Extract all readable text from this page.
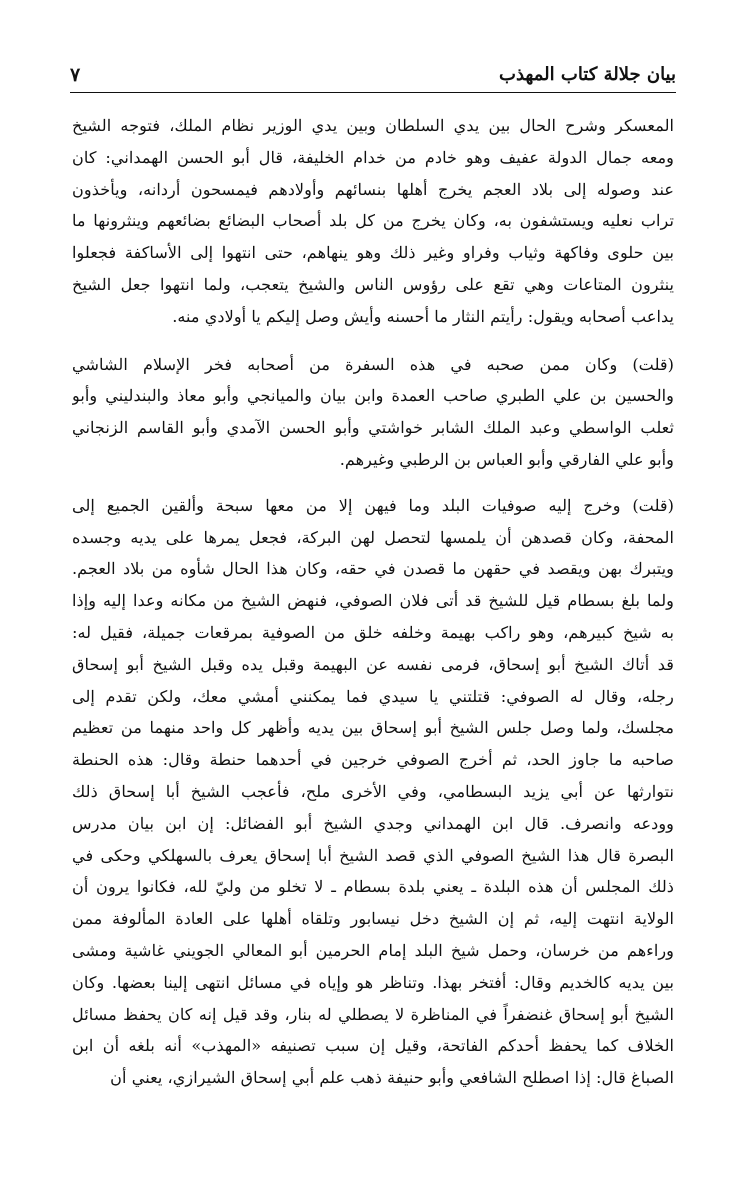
بيان جلالة كتاب المهذب
٧
المعسكر وشرح الحال بين يدي السلطان وبين يدي الوزير نظام الملك، فتوجه الشيخ
ومعه جمال الدولة عفيف وهو خادم من خدام الخليفة، قال أبو الحسن الهمداني: كان
عند وصوله إلى بلاد العجم يخرج أهلها بنسائهم وأولادهم فيمسحون أردانه، ويأخذون
تراب نعليه ويستشفون به، وكان يخرج من كل بلد أصحاب البضائع بضائعهم وينثرونها ما
بين حلوى وفاكهة وثياب وفراو وغير ذلك وهو ينهاهم، حتى انتهوا إلى الأساكفة فجعلوا
ينثرون المتاعات وهي تقع على رؤوس الناس والشيخ يتعجب، ولما انتهوا جعل الشيخ
يداعب أصحابه ويقول: رأيتم النثار ما أحسنه وأيش وصل إليكم يا أولادي منه.
(قلت) وكان ممن صحبه في هذه السفرة من أصحابه فخر الإسلام الشاشي
والحسين بن علي الطبري صاحب العمدة وابن بيان والميانجي وأبو معاذ والبندليني وأبو
ثعلب الواسطي وعبد الملك الشابر خواشتي وأبو الحسن الآمدي وأبو القاسم الزنجاني
وأبو علي الفارقي وأبو العباس بن الرطبي وغيرهم.
(قلت) وخرج إليه صوفيات البلد وما فيهن إلا من معها سبحة وألقين الجميع إلى
المحفة، وكان قصدهن أن يلمسها لتحصل لهن البركة، فجعل يمرها على يديه وجسده
ويتبرك بهن ويقصد في حقهن ما قصدن في حقه، وكان هذا الحال شأوه من بلاد العجم.
ولما بلغ بسطام قيل للشيخ قد أتى فلان الصوفي، فنهض الشيخ من مكانه وعدا إليه وإذا
به شيخ كبيرهم، وهو راكب بهيمة وخلفه خلق من الصوفية بمرقعات جميلة، فقيل له:
قد أتاك الشيخ أبو إسحاق، فرمى نفسه عن البهيمة وقبل يده وقبل الشيخ أبو إسحاق
رجله، وقال له الصوفي: قتلتني يا سيدي فما يمكنني أمشي معك، ولكن تقدم إلى
مجلسك، ولما وصل جلس الشيخ أبو إسحاق بين يديه وأظهر كل واحد منهما من تعظيم
صاحبه ما جاوز الحد، ثم أخرج الصوفي خرجين في أحدهما حنطة وقال: هذه الحنطة
نتوارثها عن أبي يزيد البسطامي، وفي الأخرى ملح، فأعجب الشيخ أبا إسحاق ذلك
وودعه وانصرف. قال ابن الهمداني وجدي الشيخ أبو الفضائل: إن ابن بيان مدرس
البصرة قال هذا الشيخ الصوفي الذي قصد الشيخ أبا إسحاق يعرف بالسهلكي وحكى في
ذلك المجلس أن هذه البلدة ـ يعني بلدة بسطام ـ لا تخلو من وليّ لله، فكانوا يرون أن
الولاية انتهت إليه، ثم إن الشيخ دخل نيسابور وتلقاه أهلها على العادة المألوفة ممن
وراءهم من خرسان، وحمل شيخ البلد إمام الحرمين أبو المعالي الجويني غاشية ومشى
بين يديه كالخديم وقال: أفتخر بهذا. وتناظر هو وإياه في مسائل انتهى إلينا بعضها. وكان
الشيخ أبو إسحاق غنضفراً في المناظرة لا يصطلي له بنار، وقد قيل إنه كان يحفظ مسائل
الخلاف كما يحفظ أحدكم الفاتحة، وقيل إن سبب تصنيفه «المهذب» أنه بلغه أن ابن
الصباغ قال: إذا اصطلح الشافعي وأبو حنيفة ذهب علم أبي إسحاق الشيرازي، يعني أن
